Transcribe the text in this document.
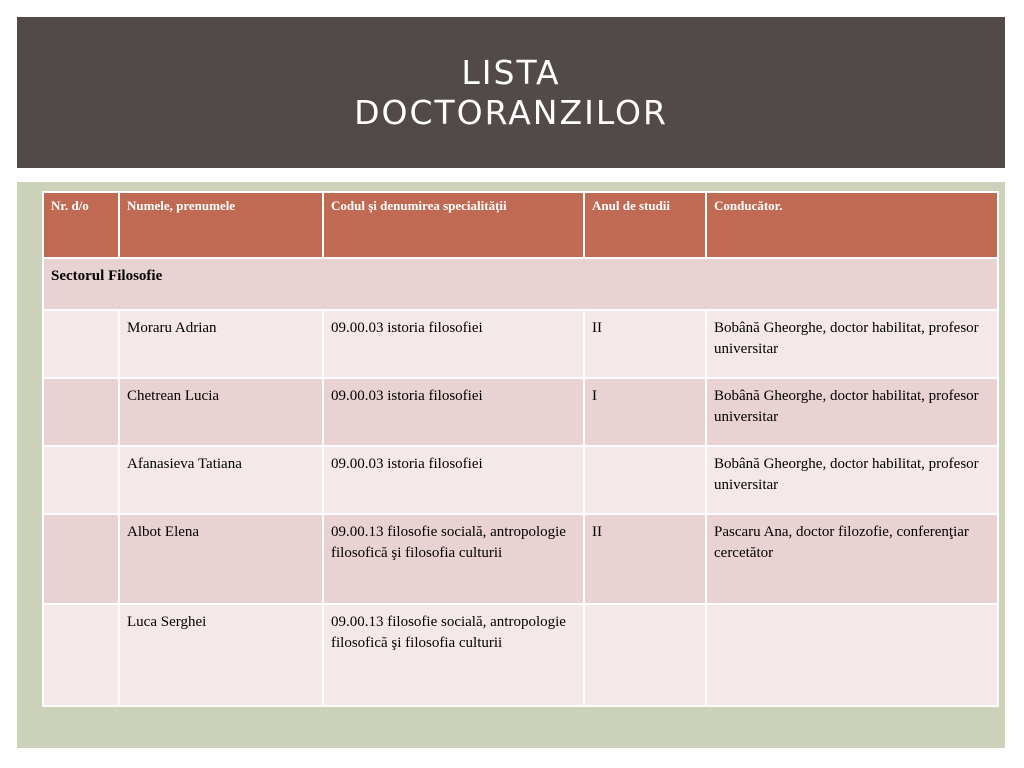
LISTA
DOCTORANZILOR
Nr. d/o	Numele, prenumele	Codul şi denumirea specialităţii	Anul de studii	Conducător.
Sectorul Filosofie				
	Moraru Adrian	09.00.03 istoria filosofiei	II	Bobână Gheorghe, doctor habilitat, profesor universitar
	Chetrean Lucia	09.00.03 istoria filosofiei	I	Bobână Gheorghe, doctor habilitat, profesor universitar
	Afanasieva Tatiana	09.00.03 istoria filosofiei		Bobână Gheorghe, doctor habilitat, profesor universitar
	Albot Elena	09.00.13 filosofie socială, antropologie filosofică şi filosofia culturii	II	Pascaru Ana, doctor filozofie, conferenţiar cercetător
	Luca Serghei	09.00.13 filosofie socială, antropologie filosofică şi filosofia culturii		
